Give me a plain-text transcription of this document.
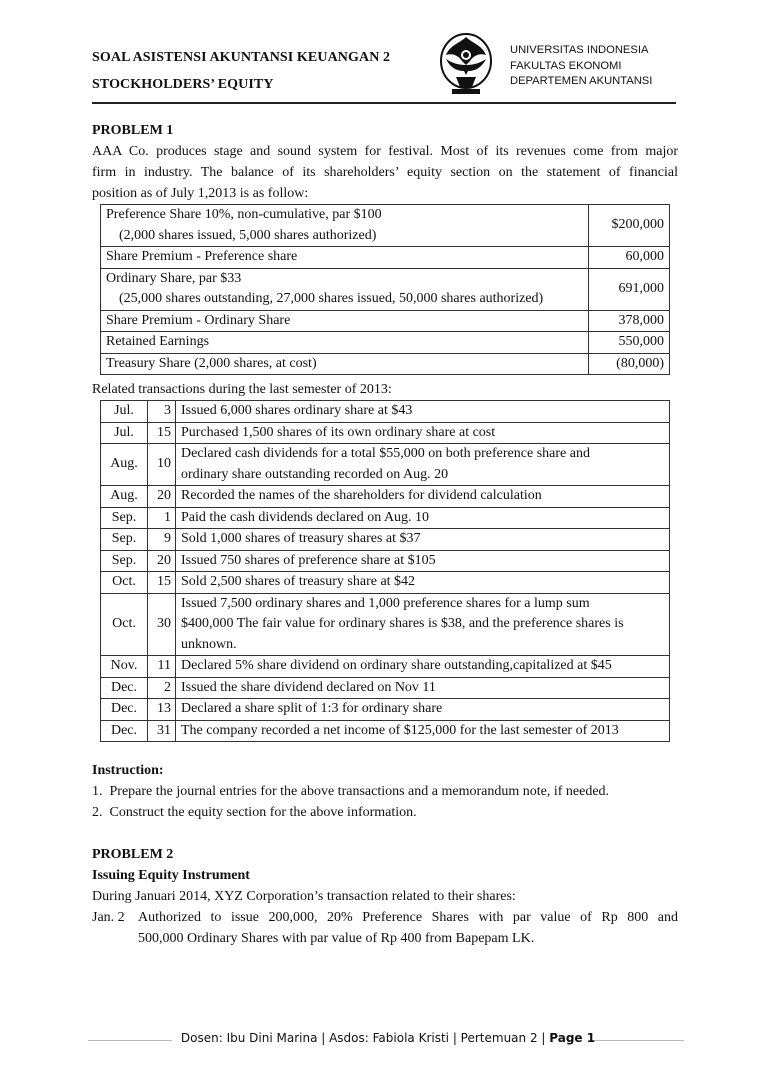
SOAL ASISTENSI AKUNTANSI KEUANGAN 2
STOCKHOLDERS’ EQUITY
UNIVERSITAS INDONESIA
FAKULTAS EKONOMI
DEPARTEMEN AKUNTANSI
PROBLEM 1
AAA Co. produces stage and sound system for festival. Most of its revenues come from major
firm in industry. The balance of its shareholders’ equity section on the statement of financial
position as of July 1,2013 is as follow:
Preference Share 10%, non-cumulative, par $100
(2,000 shares issued, 5,000 shares authorized)	$200,000
Share Premium - Preference share	60,000

Ordinary Share, par $33
(25,000 shares outstanding, 27,000 shares issued, 50,000 shares authorized)	691,000
Share Premium - Ordinary Share	378,000
Retained Earnings	550,000
Treasury Share (2,000 shares, at cost)	(80,000)
Related transactions during the last semester of 2013:
Jul.	3	Issued 6,000 shares ordinary share at $43

Jul.	15	Purchased 1,500 shares of its own ordinary share at cost

Aug.	10	Declared cash dividends for a total $55,000 on both preference share and
ordinary share outstanding recorded on Aug. 20

Aug.	20	Recorded the names of the shareholders for dividend calculation

Sep.	1	Paid the cash dividends declared on Aug. 10

Sep.	9	Sold 1,000 shares of treasury shares at $37

Sep.	20	Issued 750 shares of preference share at $105

Oct.	15	Sold 2,500 shares of treasury share at $42

Oct.	30	Issued 7,500 ordinary shares and 1,000 preference shares for a lump sum
$400,000 The fair value for ordinary shares is $38, and the preference shares is
unknown.

Nov.	11	Declared 5% share dividend on ordinary share outstanding,capitalized at $45

Dec.	2	Issued the share dividend declared on Nov 11

Dec.	13	Declared a share split of 1:3 for ordinary share

Dec.	31	The company recorded a net income of $125,000 for the last semester of 2013
Instruction:
1.  Prepare the journal entries for the above transactions and a memorandum note, if needed.
2.  Construct the equity section for the above information.
PROBLEM 2
Issuing Equity Instrument
During Januari 2014, XYZ Corporation’s transaction related to their shares:
Jan. 2 Authorized to issue 200,000, 20% Preference Shares with par value of Rp 800 and
500,000 Ordinary Shares with par value of Rp 400 from Bapepam LK.
Dosen: Ibu Dini Marina | Asdos: Fabiola Kristi | Pertemuan 2 | Page 1
